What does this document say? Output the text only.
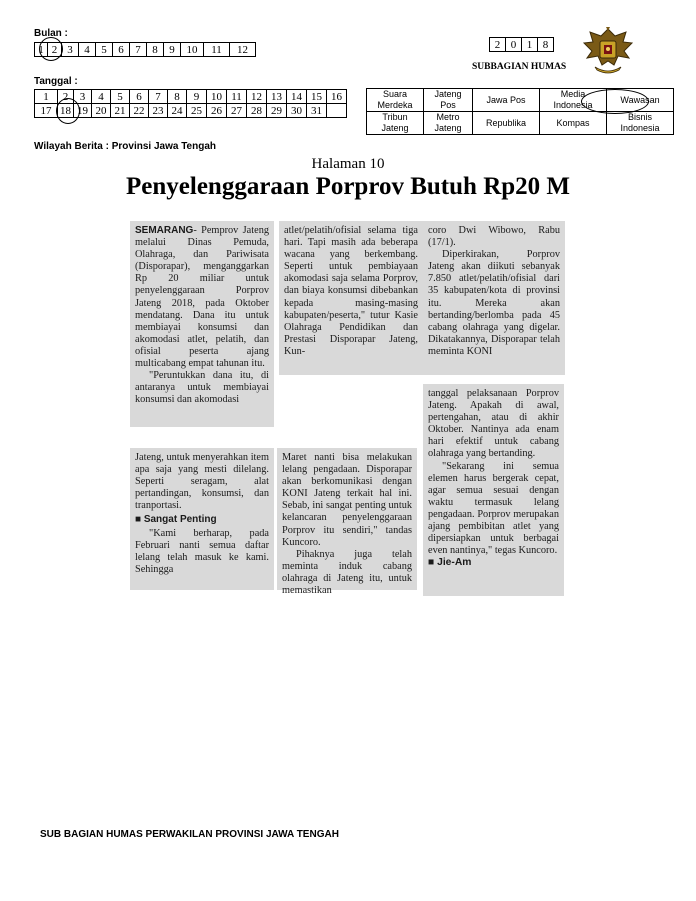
Bulan :
1	2	3	4	5	6	7	8	9	10	11	12
Tanggal :
1	2	3	4	5	6	7	8	9	10	11	12	13	14	15	16
17	18	19	20	21	22	23	24	25	26	27	28	29	30	31	
Wilayah Berita : Provinsi Jawa Tengah
2	0	1	8
SUBBAGIAN HUMAS
Suara Merdeka	Jateng Pos	Jawa Pos	Media Indonesia	Wawasan
Tribun Jateng	Metro Jateng	Republika	Kompas	Bisnis Indonesia
Halaman 10
Penyelenggaraan Porprov Butuh Rp20 M

SEMARANG- Pemprov Jateng melalui Dinas Pemuda, Olahraga, dan Pariwisata (Disporapar), menganggarkan Rp 20 miliar untuk penyelenggaraan Porprov Jateng 2018, pada Oktober mendatang. Dana itu untuk membiayai konsumsi dan akomodasi atlet, pelatih, dan ofisial peserta ajang multicabang empat tahunan itu.

"Peruntukkan dana itu, di antaranya untuk membiayai konsumsi dan akomodasi

atlet/pelatih/ofisial selama tiga hari. Tapi masih ada beberapa wacana yang berkembang. Seperti untuk pembiayaan akomodasi saja selama Porprov, dan biaya konsumsi dibebankan kepada masing-masing kabupaten/peserta," tutur Kasie Olahraga Pendidikan dan Prestasi Disporapar Jateng, Kun-

coro Dwi Wibowo, Rabu (17/1).

Diperkirakan, Porprov Jateng akan diikuti sebanyak 7.850 atlet/pelatih/ofisial dari 35 kabupaten/kota di provinsi itu. Mereka akan bertanding/berlomba pada 45 cabang olahraga yang digelar. Dikatakannya, Disporapar telah meminta KONI

Jateng, untuk menyerahkan item apa saja yang mesti dilelang. Seperti seragam, alat pertandingan, konsumsi, dan tranportasi.

■ Sangat Penting

"Kami berharap, pada Februari nanti semua daftar lelang telah masuk ke kami. Sehingga

Maret nanti bisa melakukan lelang pengadaan. Disporapar akan berkomunikasi dengan KONI Jateng terkait hal ini. Sebab, ini sangat penting untuk kelancaran penyelenggaraan Porprov itu sendiri," tandas Kuncoro.

Pihaknya juga telah meminta induk cabang olahraga di Jateng itu, untuk memastikan

tanggal pelaksanaan Porprov Jateng. Apakah di awal, pertengahan, atau di akhir Oktober. Nantinya ada enam hari efektif untuk cabang olahraga yang bertanding.

"Sekarang ini semua elemen harus bergerak cepat, agar semua sesuai dengan waktu termasuk lelang pengadaan. Porprov merupakan ajang pembibitan atlet yang dipersiapkan untuk berbagai even nantinya," tegas Kuncoro.

■ Jie-Am

SUB BAGIAN HUMAS PERWAKILAN PROVINSI JAWA TENGAH
